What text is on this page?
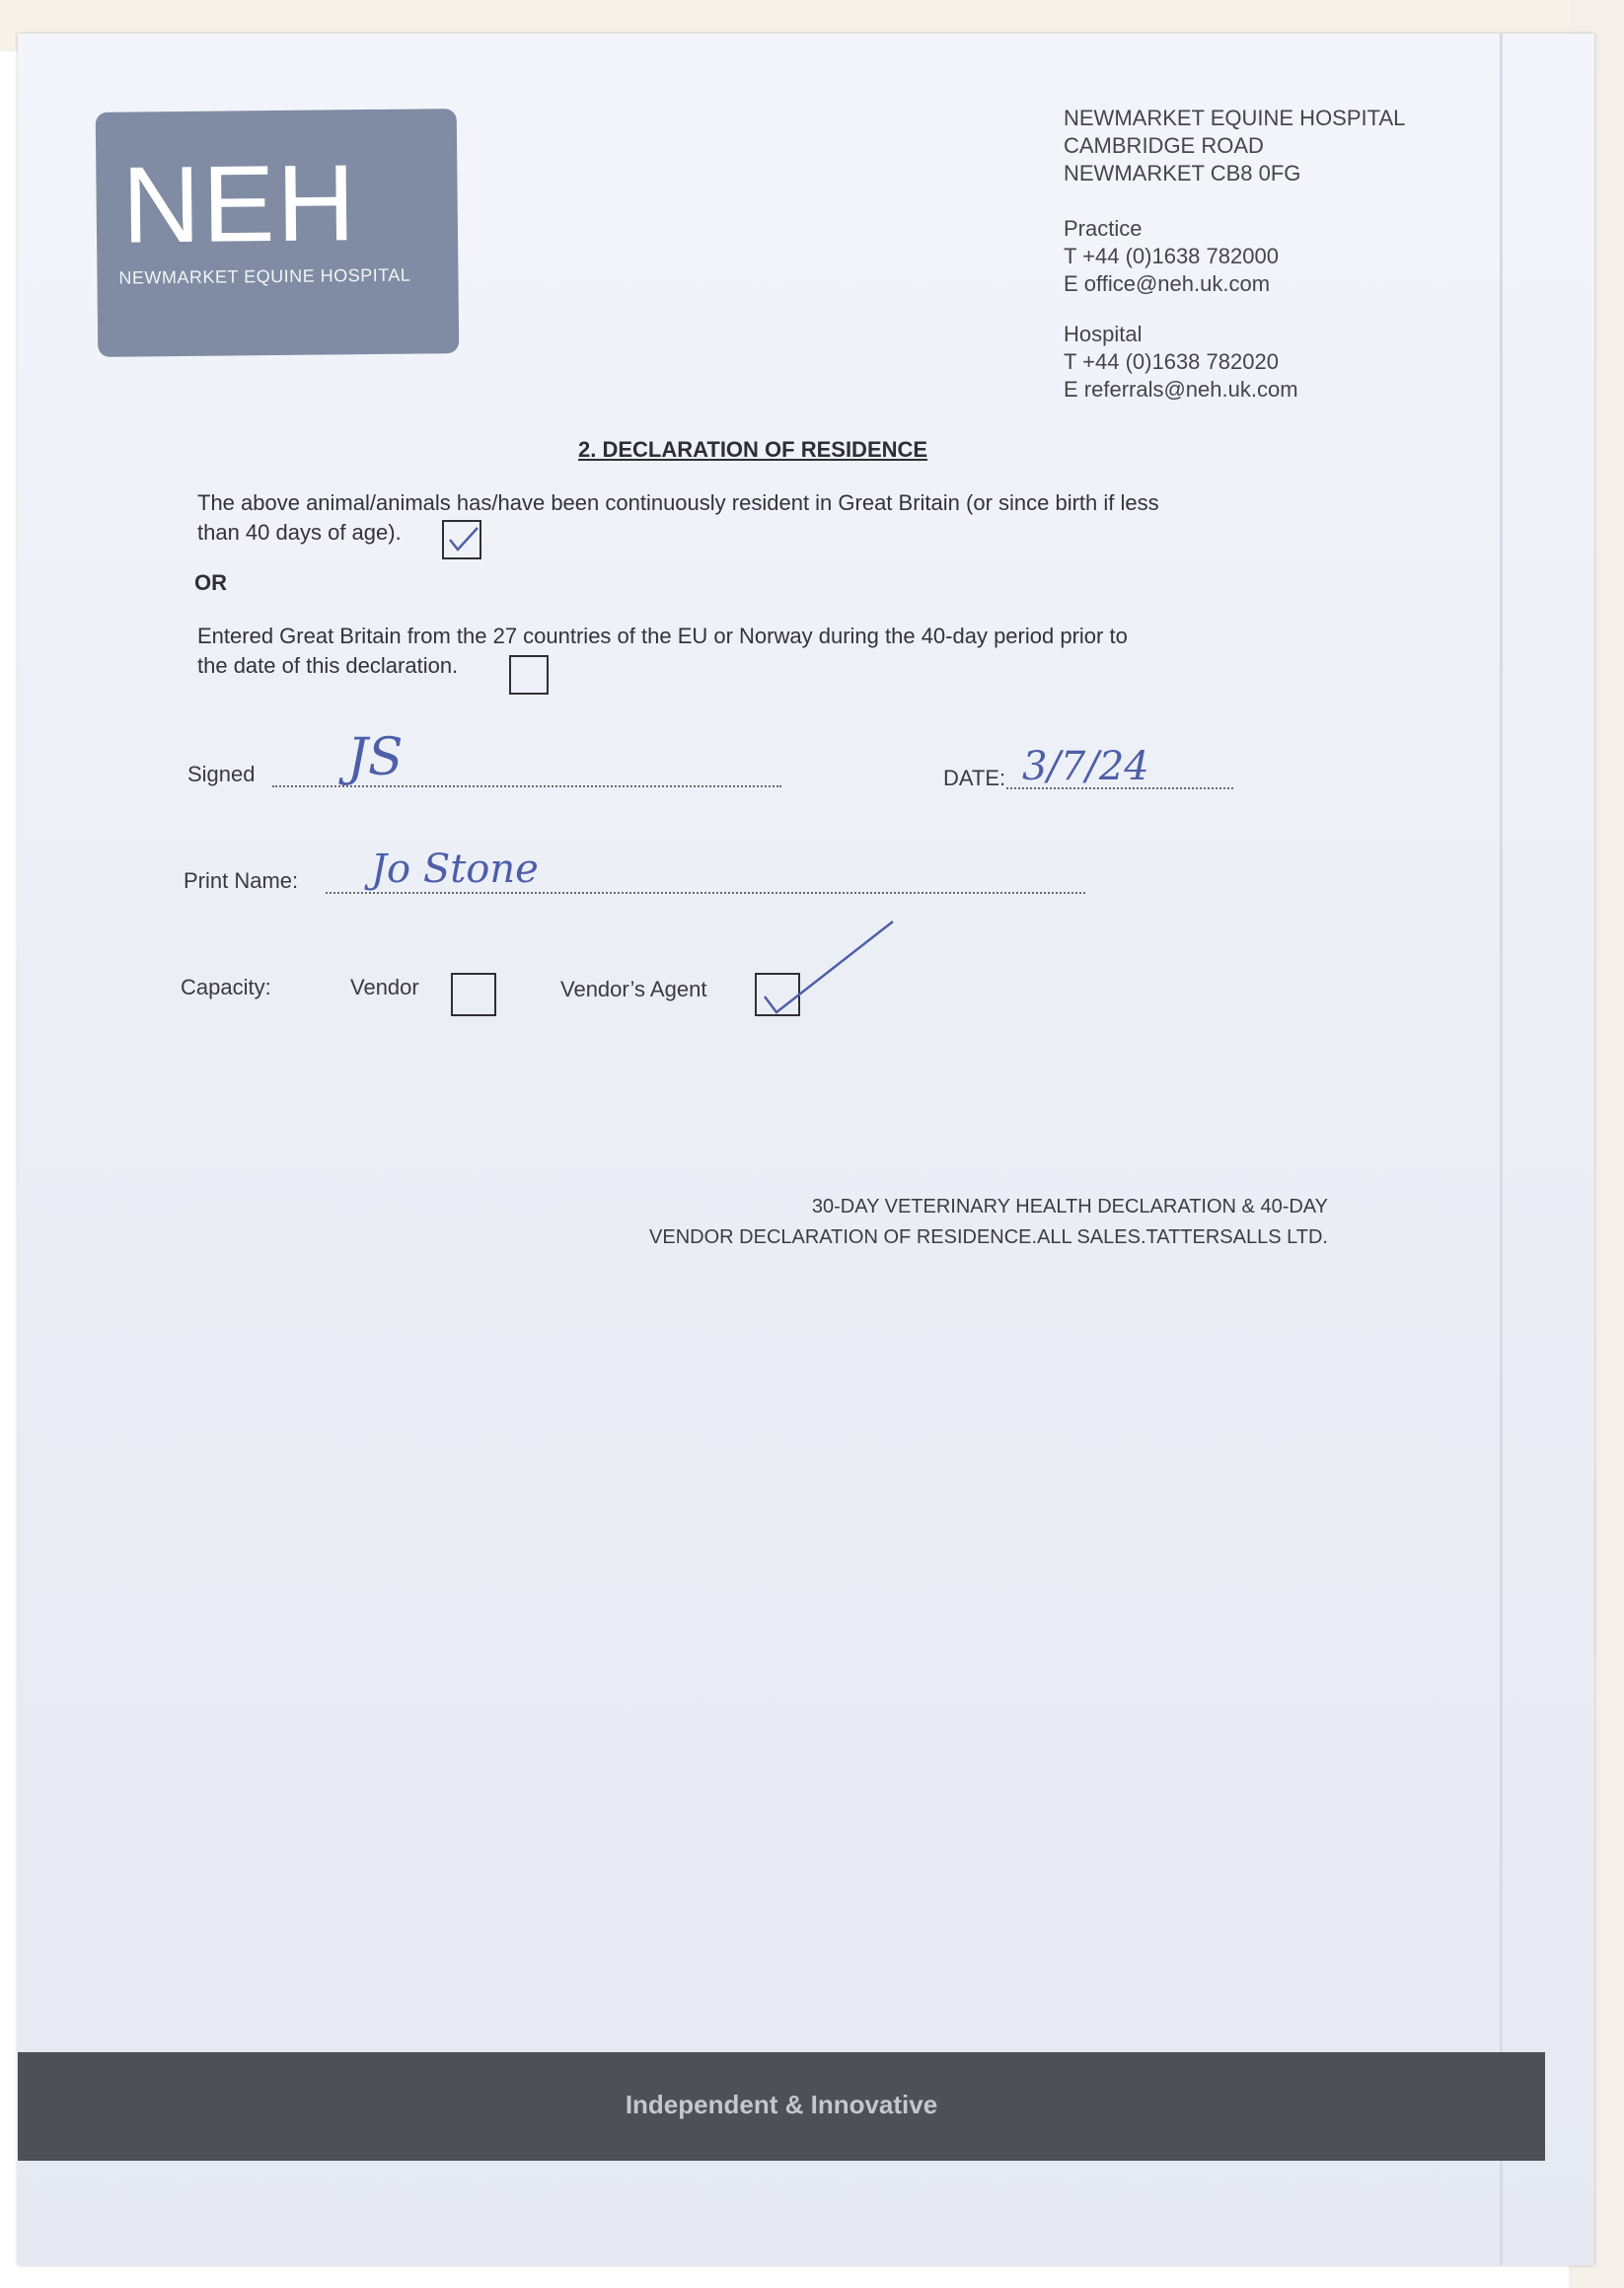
NEH
NEWMARKET EQUINE HOSPITAL
NEWMARKET EQUINE HOSPITAL
CAMBRIDGE ROAD
NEWMARKET CB8 0FG
Practice
T +44 (0)1638 782000
E office@neh.uk.com
Hospital
T +44 (0)1638 782020
E referrals@neh.uk.com
2. DECLARATION OF RESIDENCE
The above animal/animals has/have been continuously resident in Great Britain (or since birth if less
than 40 days of age).
OR
Entered Great Britain from the 27 countries of the EU or Norway during the 40-day period prior to
the date of this declaration.
Signed JS	DATE: 3/7/24
Print Name: Jo Stone
Capacity:	Vendor	Vendor’s Agent
30-DAY VETERINARY HEALTH DECLARATION & 40-DAY
VENDOR DECLARATION OF RESIDENCE.ALL SALES.TATTERSALLS LTD.
Independent & Innovative
